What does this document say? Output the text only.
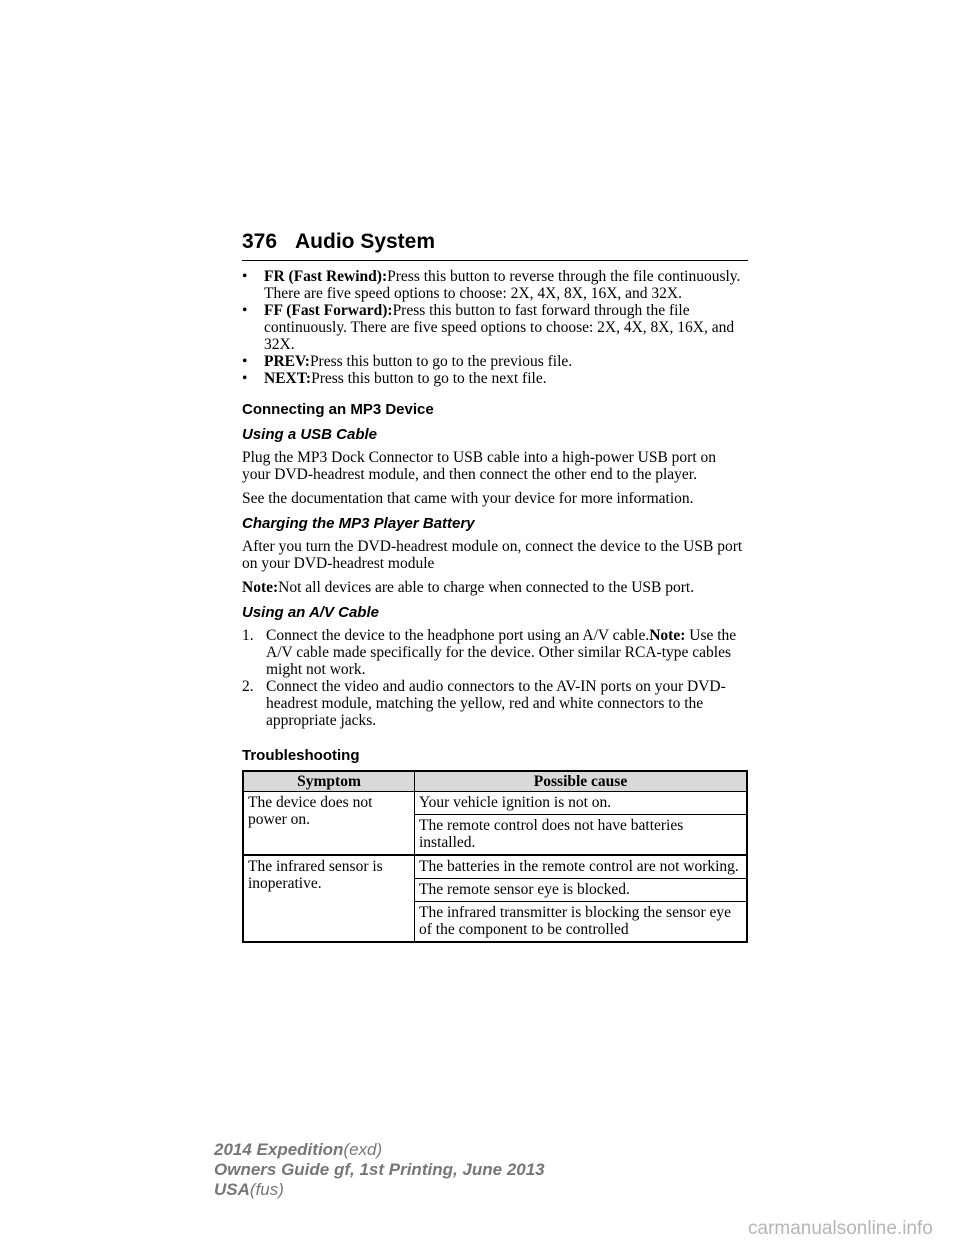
376 Audio System
• FR (Fast Rewind):Press this button to reverse through the file continuously. There are five speed options to choose: 2X, 4X, 8X, 16X, and 32X.
• FF (Fast Forward):Press this button to fast forward through the file continuously. There are five speed options to choose: 2X, 4X, 8X, 16X, and 32X.
• PREV:Press this button to go to the previous file.
• NEXT:Press this button to go to the next file.
Connecting an MP3 Device
Using a USB Cable

Plug the MP3 Dock Connector to USB cable into a high-power USB port on your DVD-headrest module, and then connect the other end to the player.

See the documentation that came with your device for more information.

Charging the MP3 Player Battery

After you turn the DVD-headrest module on, connect the device to the USB port on your DVD-headrest module

Note:Not all devices are able to charge when connected to the USB port.

Using an A/V Cable
1. Connect the device to the headphone port using an A/V cable.Note: Use the A/V cable made specifically for the device. Other similar RCA-type cables might not work.
2. Connect the video and audio connectors to the AV-IN ports on your DVD-headrest module, matching the yellow, red and white connectors to the appropriate jacks.
Troubleshooting
Symptom	Possible cause
The device does not power on.	Your vehicle ignition is not on.
	The remote control does not have batteries installed.
The infrared sensor is inoperative.	The batteries in the remote control are not working.
	The remote sensor eye is blocked.
	The infrared transmitter is blocking the sensor eye of the component to be controlled
2014 Expedition(exd)
Owners Guide gf, 1st Printing, June 2013
USA(fus)
carmanualsonline.info
